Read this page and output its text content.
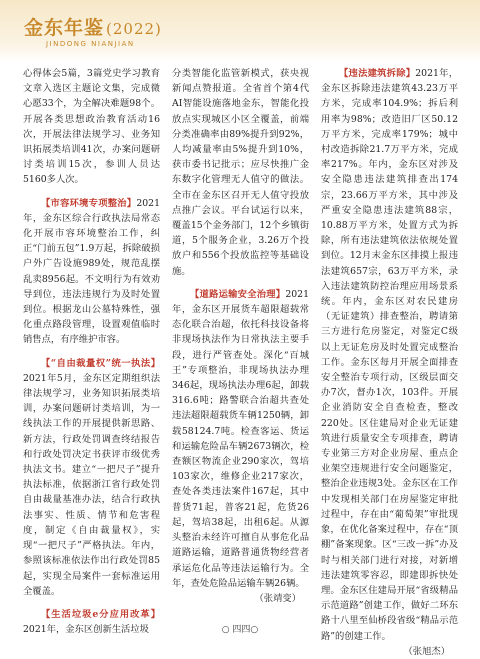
金东年鉴 (2022)
JINDONG NIANJIAN

心得体会5篇，3篇党史学习教育文章入选区主题论文集，完成微心愿33个，为全解决难题98个。开展各类思想政治教育活动16次，开展法律法规学习、业务知识拓展类培训41次，办案问题研讨类培训15次，参训人员达5160多人次。

【市容环境专项整治】2021年，金东区综合行政执法局常态化开展市容环境整治工作，纠正“门前五包”1.9万起，拆除破损户外广告设施989处，规范乱摆乱卖8956起。不文明行为有效劝导到位，违法违规行为及时处置到位。根据龙山公墓特殊性，强化重点路段管理，设置观值临时销售点，有序维护市容。

【“自由裁量权”统一执法】2021年5月，金东区定期组织法律法规学习，业务知识拓展类培训，办案问题研讨类培训，为一线执法工作的开展提供新思路、新方法，行政处罚调查终结报告和行政处罚决定书获评市级优秀执法文书。建立“一把尺子”提升执法标准，依据浙江省行政处罚自由裁量基准办法，结合行政执法事实、性质、情节和危害程度，制定《自由裁量权》，实现“一把尺子”严格执法。年内，参照该标准依法作出行政处罚85起，实现全局案件一套标准运用全覆盖。

【生活垃圾e分应用改革】2021年，金东区创新生活垃圾

分类智能化监管新模式，获央视新闻点赞报道。全省首个第4代AI智能设施落地金东，智能化投放点实现城区小区全覆盖，前端分类准确率由89%提升到92%，人均减量率由5%提升到10%，获市委书记批示；应尽快推广金东数字化管理无人值守的做法。全市在金东区召开无人值守投放点推广会议。平台试运行以来，覆盖15个金务部门，12个乡镇街道，5个服务企业，3.26万个投放户和556个投放监控等基础设施。

【道路运输安全治理】2021年，金东区开展货车超限超载常态化联合治超，依托科技设备将非现场执法作为日常执法主要手段，进行严管查处。深化“百城王”专项整治，非现场执法办理346起，现场执法办理6起，卸载316.6吨；路警联合治超共查处违法超限超载货车辆1250辆，卸载58124.7吨。检查客运、货运和运输危险品车辆2673辆次，检查额区物流企业290家次，驾培103家次，维修企业217家次，查处各类违法案件167起，其中普货71起，普客21起，危货26起，驾培38起，出租6起。从源头整治未经许可擅自从事危化品道路运输，道路普通货物经营者承运危化品等违法运输行为。全年，查处危险品运输车辆26辆。

（张靖变）

【违法建筑拆除】2021年，金东区拆除违法建筑43.23万平方米，完成率104.9%；拆后利用率为98%；改造旧厂区50.12万平方米，完成率179%；城中村改造拆除21.7万平方米，完成率217%。年内，金东区对涉及安全隐患违法建筑排查出174宗，23.66万平方米，其中涉及严重安全隐患违法建筑88宗，10.88万平方米，处置方式为拆除，所有违法建筑依法依规处置到位。12月末金东区排摸上报违法建筑657宗，63万平方米，录入违法建筑防控治理应用场景系统。年内，金东区对农民建房（无证建筑）排查整治，聘请第三方进行危房鉴定，对鉴定C级以上无证危房及时处置完成整治工作。金东区每月开展全面排查安全整治专项行动，区级层面交办7次，督办1次，103件。开展企业消防安全自查检查，整改220处。区住建局对企业无证建筑进行质量安全专项排查，聘请专业第三方对企业房屋、重点企业架空违规进行安全问题鉴定，整治企业违规3处。金东区在工作中发现相关部门在房屋鉴定审批过程中，存在由“葡萄架”审批现象，在优化备案过程中，存在“顶棚”备案现象。区“三改一拆”办及时与相关部门进行对接，对新增违法建筑零容忍，即建即拆快处理。金东区住建局开展“省级精品示范道路”创建工作，做好二环东路十八里至仙桥段省级“精品示范路”的创建工作。

（张旭杰）

○ 四四○
